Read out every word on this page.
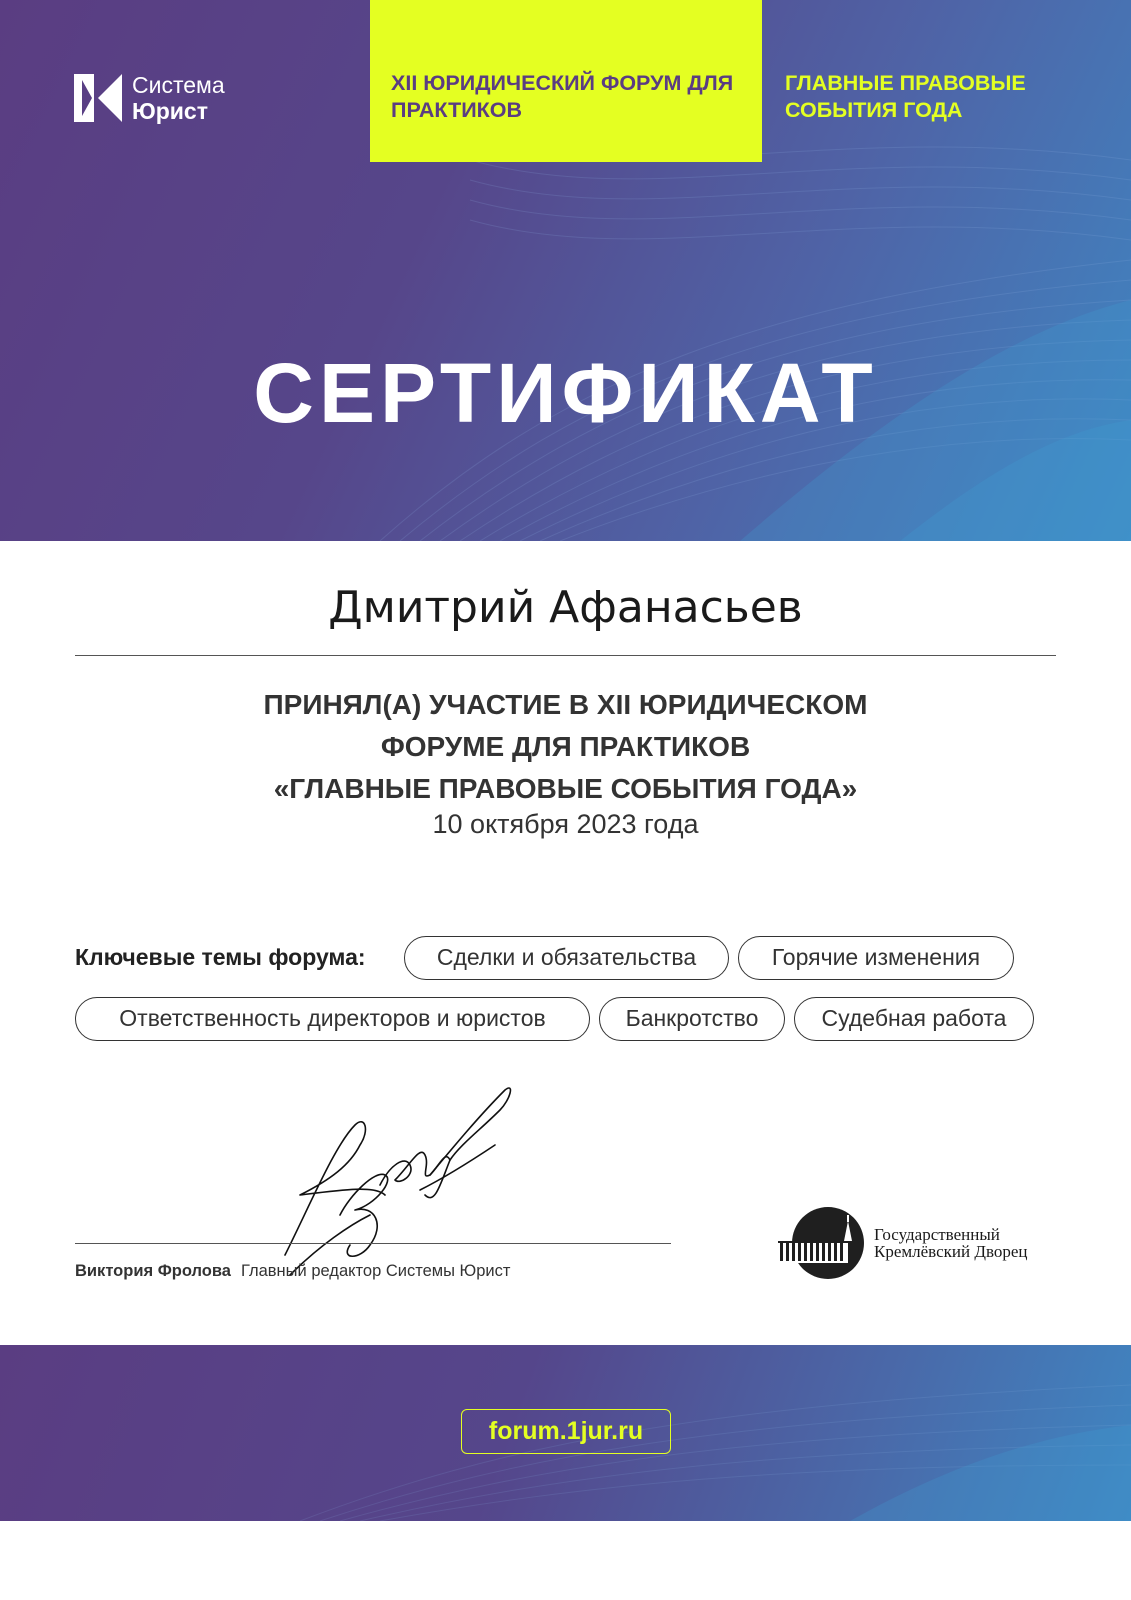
Система
Юрист
XII ЮРИДИЧЕСКИЙ ФОРУМ ДЛЯ ПРАКТИКОВ
ГЛАВНЫЕ ПРАВОВЫЕ СОБЫТИЯ ГОДА
СЕРТИФИКАТ
Дмитрий Афанасьев
ПРИНЯЛ(А) УЧАСТИЕ В XII ЮРИДИЧЕСКОМ
ФОРУМЕ ДЛЯ ПРАКТИКОВ
«ГЛАВНЫЕ ПРАВОВЫЕ СОБЫТИЯ ГОДА»
10 октября 2023 года
Ключевые темы форума:	Сделки и обязательства	Горячие изменения
Ответственность директоров и юристов	Банкротство	Судебная работа
Виктория Фролова Главный редактор Системы Юрист
Государственный
Кремлёвский Дворец
forum.1jur.ru
